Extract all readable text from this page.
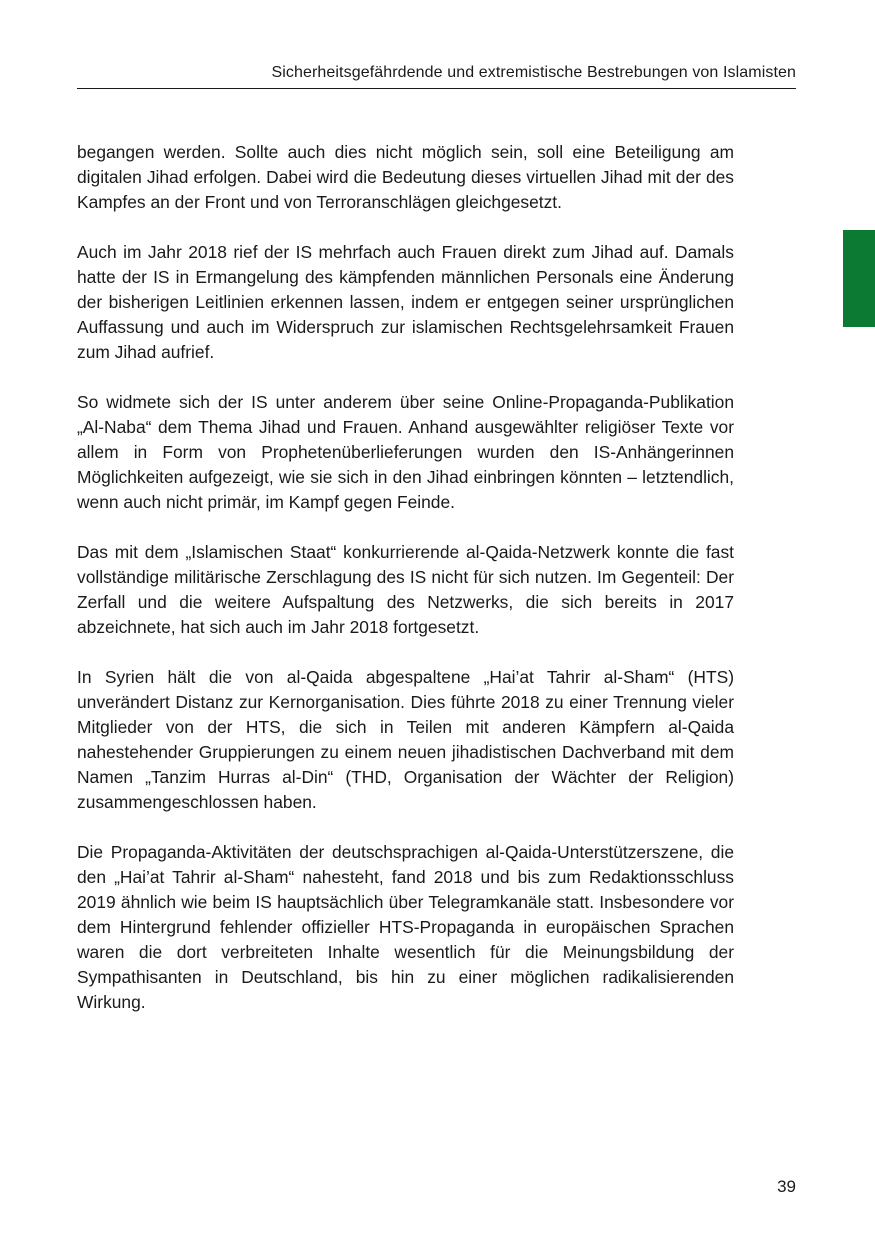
Sicherheitsgefährdende und extremistische Bestrebungen von Islamisten

begangen werden. Sollte auch dies nicht möglich sein, soll eine Beteiligung am digitalen Jihad erfolgen. Dabei wird die Bedeutung dieses virtuellen Jihad mit der des Kampfes an der Front und von Terroranschlägen gleichgesetzt.

Auch im Jahr 2018 rief der IS mehrfach auch Frauen direkt zum Jihad auf. Damals hatte der IS in Ermangelung des kämpfenden männlichen Personals eine Änderung der bisherigen Leitlinien erkennen lassen, indem er entgegen seiner ursprünglichen Auffassung und auch im Widerspruch zur islamischen Rechtsgelehrsamkeit Frauen zum Jihad aufrief.

So widmete sich der IS unter anderem über seine Online-Propaganda-Publikation „Al-Naba“ dem Thema Jihad und Frauen. Anhand ausgewählter religiöser Texte vor allem in Form von Prophetenüberlieferungen wurden den IS-Anhängerinnen Möglichkeiten aufgezeigt, wie sie sich in den Jihad einbringen könnten – letztendlich, wenn auch nicht primär, im Kampf gegen Feinde.

Das mit dem „Islamischen Staat“ konkurrierende al-Qaida-Netzwerk konnte die fast vollständige militärische Zerschlagung des IS nicht für sich nutzen. Im Gegenteil: Der Zerfall und die weitere Aufspaltung des Netzwerks, die sich bereits in 2017 abzeichnete, hat sich auch im Jahr 2018 fortgesetzt.

In Syrien hält die von al-Qaida abgespaltene „Hai’at Tahrir al-Sham“ (HTS) unverändert Distanz zur Kernorganisation. Dies führte 2018 zu einer Trennung vieler Mitglieder von der HTS, die sich in Teilen mit anderen Kämpfern al-Qaida nahestehender Gruppierungen zu einem neuen jihadistischen Dachverband mit dem Namen „Tanzim Hurras al-Din“ (THD, Organisation der Wächter der Religion) zusammengeschlossen haben.

Die Propaganda-Aktivitäten der deutschsprachigen al-Qaida-Unterstützerszene, die den „Hai’at Tahrir al-Sham“ nahesteht, fand 2018 und bis zum Redaktionsschluss 2019 ähnlich wie beim IS hauptsächlich über Telegramkanäle statt. Insbesondere vor dem Hintergrund fehlender offizieller HTS-Propaganda in europäischen Sprachen waren die dort verbreiteten Inhalte wesentlich für die Meinungsbildung der Sympathisanten in Deutschland, bis hin zu einer möglichen radikalisierenden Wirkung.

39
